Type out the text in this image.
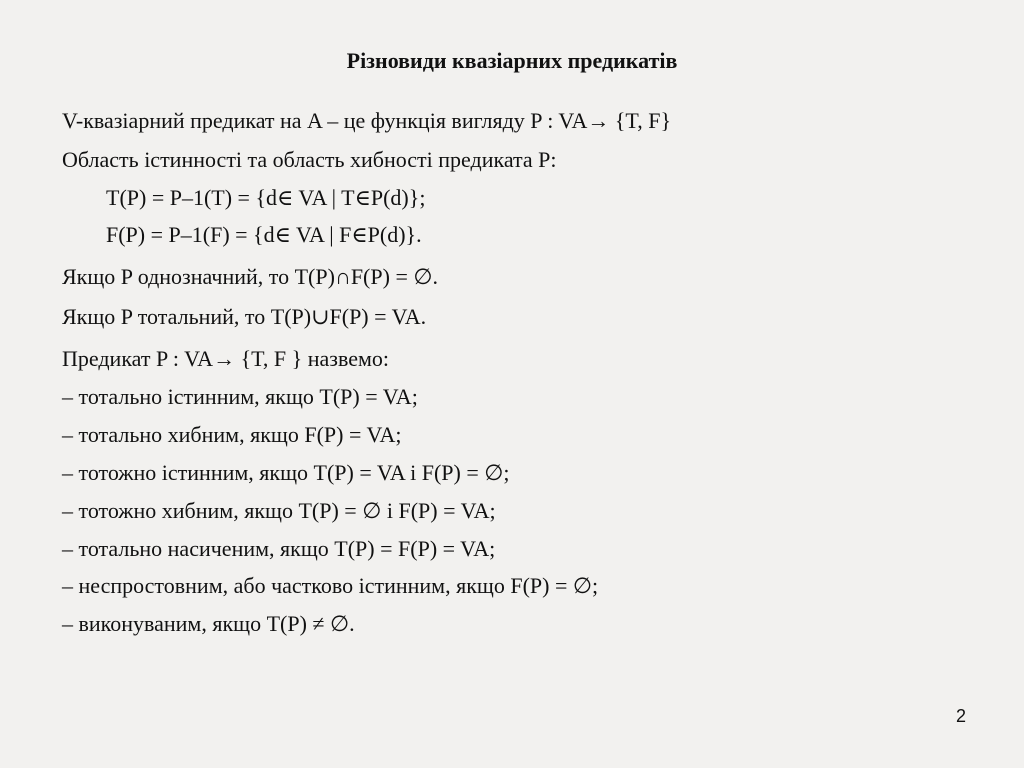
Різновиди квазіарних предикатів
V-квазіарний предикат на A – це функція вигляду P : VA→ {T, F}
Область істинності та область хибності предиката P:
T(P) = P–1(T) = {d∈ VA | T∈P(d)};
F(P) = P–1(F) = {d∈ VA | F∈P(d)}.
Якщо P однозначний, то T(P)∩F(P) = ∅.
Якщо P тотальний, то T(P)∪F(P) = VA.
Предикат P : VA→ {T, F } назвемо:
– тотально істинним, якщо T(P) = VA;
– тотально хибним, якщо F(P) = VA;
– тотожно істинним, якщо T(P) = VA і F(P) = ∅;
– тотожно хибним, якщо T(P) = ∅ і F(P) = VA;
– тотально насиченим, якщо T(P) = F(P) = VA;
– неспростовним, або частково істинним, якщо F(P) = ∅;
– виконуваним, якщо T(P) ≠ ∅.
2
